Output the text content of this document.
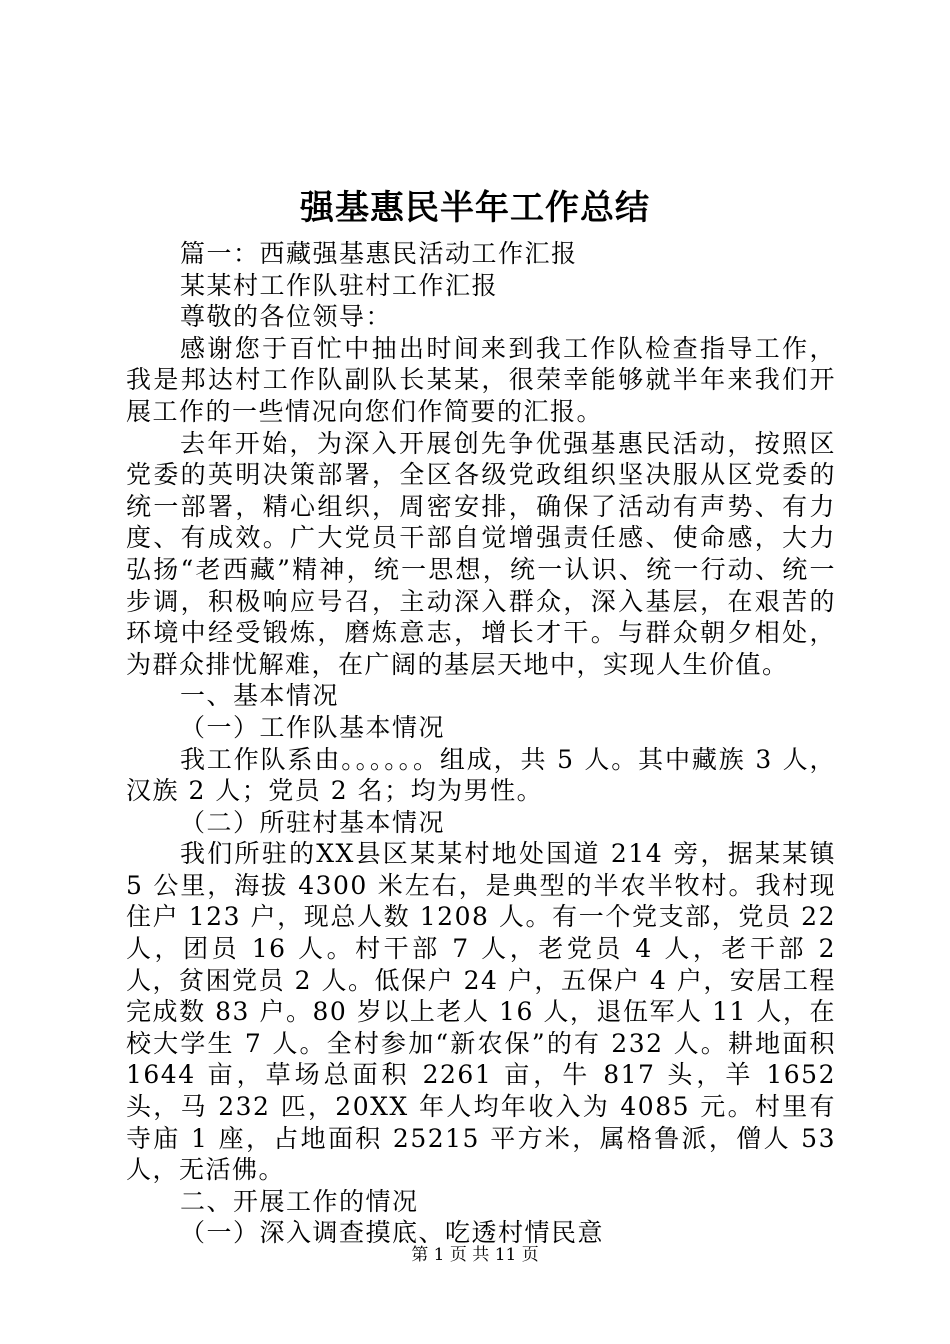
强基惠民半年工作总结

篇一：西藏强基惠民活动工作汇报

某某村工作队驻村工作汇报

尊敬的各位领导：

感谢您于百忙中抽出时间来到我工作队检查指导工作，我是邦达村工作队副队长某某，很荣幸能够就半年来我们开展工作的一些情况向您们作简要的汇报。

去年开始，为深入开展创先争优强基惠民活动，按照区党委的英明决策部署，全区各级党政组织坚决服从区党委的统一部署，精心组织，周密安排，确保了活动有声势、有力度、有成效。广大党员干部自觉增强责任感、使命感，大力弘扬“老西藏”精神，统一思想，统一认识、统一行动、统一步调，积极响应号召，主动深入群众，深入基层，在艰苦的环境中经受锻炼，磨炼意志，增长才干。与群众朝夕相处，为群众排忧解难，在广阔的基层天地中，实现人生价值。

一、基本情况

（一）工作队基本情况

我工作队系由。。。。。。组成，共 5 人。其中藏族 3 人，汉族 2 人；党员 2 名；均为男性。

（二）所驻村基本情况

我们所驻的XX县区某某村地处国道 214 旁，据某某镇 5 公里，海拔 4300 米左右，是典型的半农半牧村。我村现住户 123 户，现总人数 1208 人。有一个党支部，党员 22 人，团员 16 人。村干部 7 人，老党员 4 人，老干部 2 人，贫困党员 2 人。低保户 24 户，五保户 4 户，安居工程完成数 83 户。80 岁以上老人 16 人，退伍军人 11 人，在校大学生 7 人。全村参加“新农保”的有 232 人。耕地面积 1644 亩，草场总面积 2261 亩，牛 817 头，羊 1652 头，马 232 匹，20XX 年人均年收入为 4085 元。村里有寺庙 1 座，占地面积 25215 平方米，属格鲁派，僧人 53 人，无活佛。

二、开展工作的情况

（一）深入调查摸底、吃透村情民意

第 1 页 共 11 页
